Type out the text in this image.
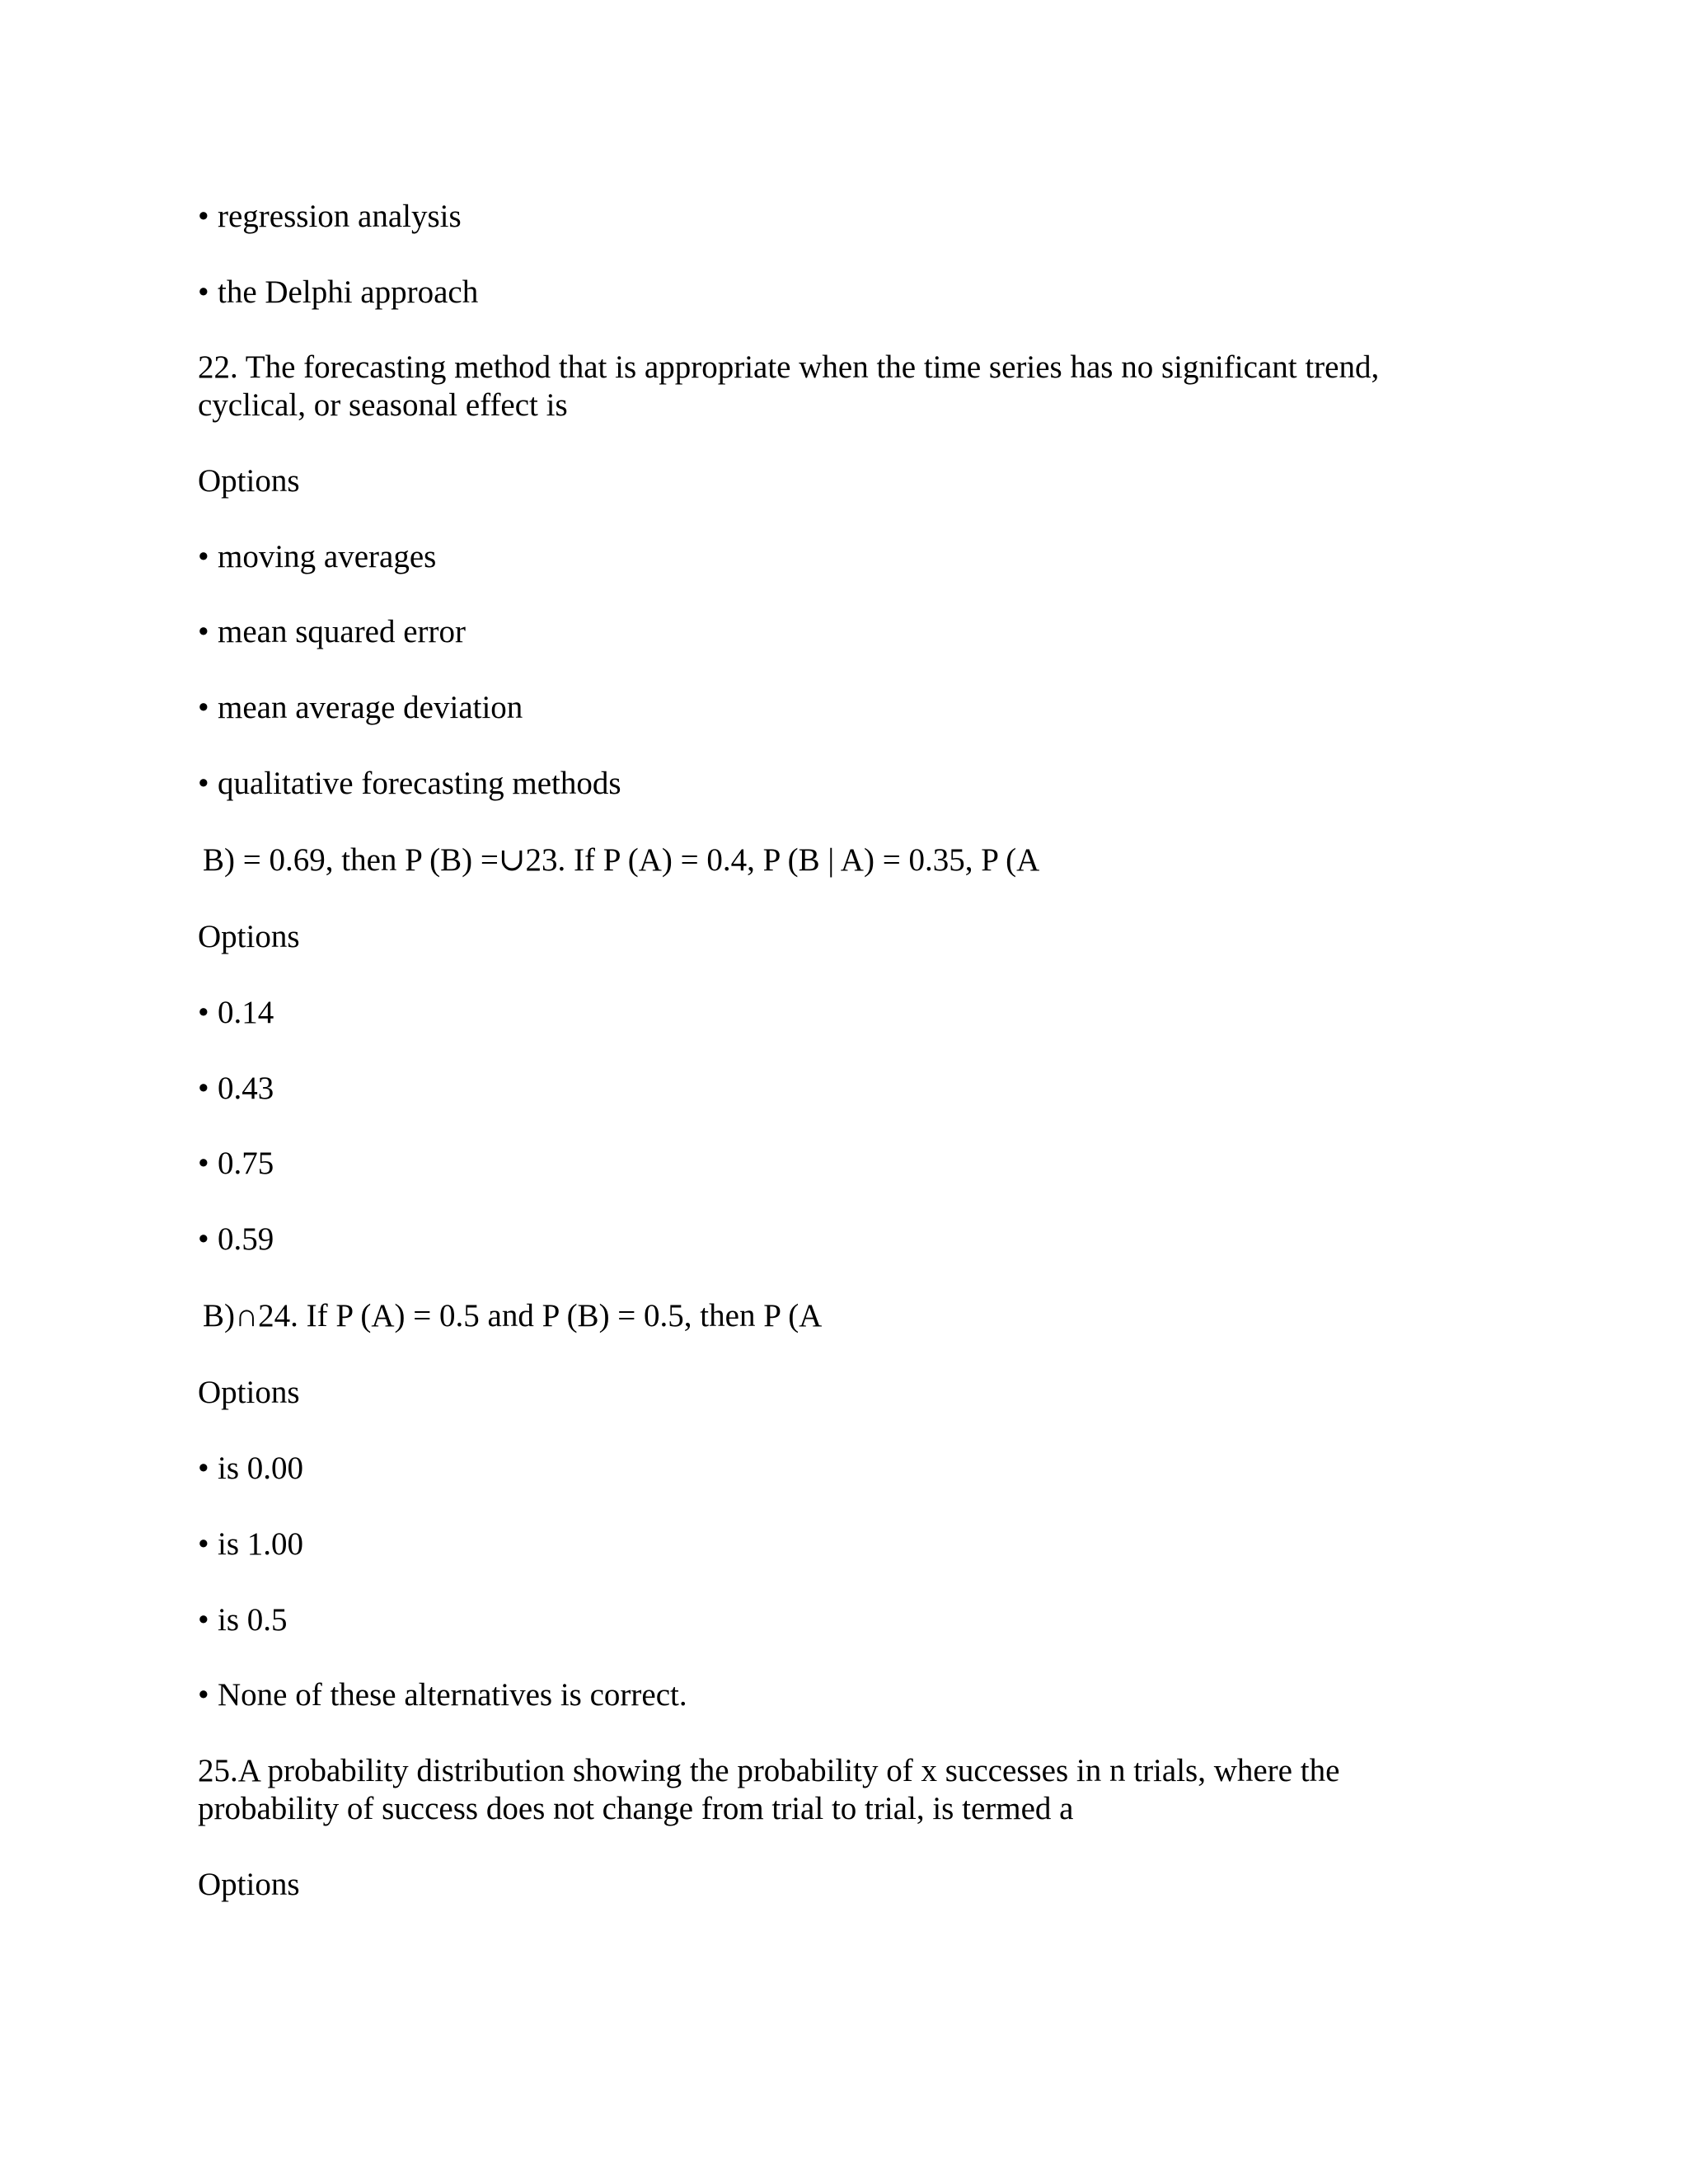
• regression analysis

• the Delphi approach

22. The forecasting method that is appropriate when the time series has no significant trend,

cyclical, or seasonal effect is

Options

• moving averages

• mean squared error

• mean average deviation

• qualitative forecasting methods

B) = 0.69, then P (B) =∪23. If P (A) = 0.4, P (B | A) = 0.35, P (A

Options

• 0.14

• 0.43

• 0.75

• 0.59

B)∩24. If P (A) = 0.5 and P (B) = 0.5, then P (A

Options

• is 0.00

• is 1.00

• is 0.5

• None of these alternatives is correct.

25.A probability distribution showing the probability of x successes in n trials, where the

probability of success does not change from trial to trial, is termed a

Options
